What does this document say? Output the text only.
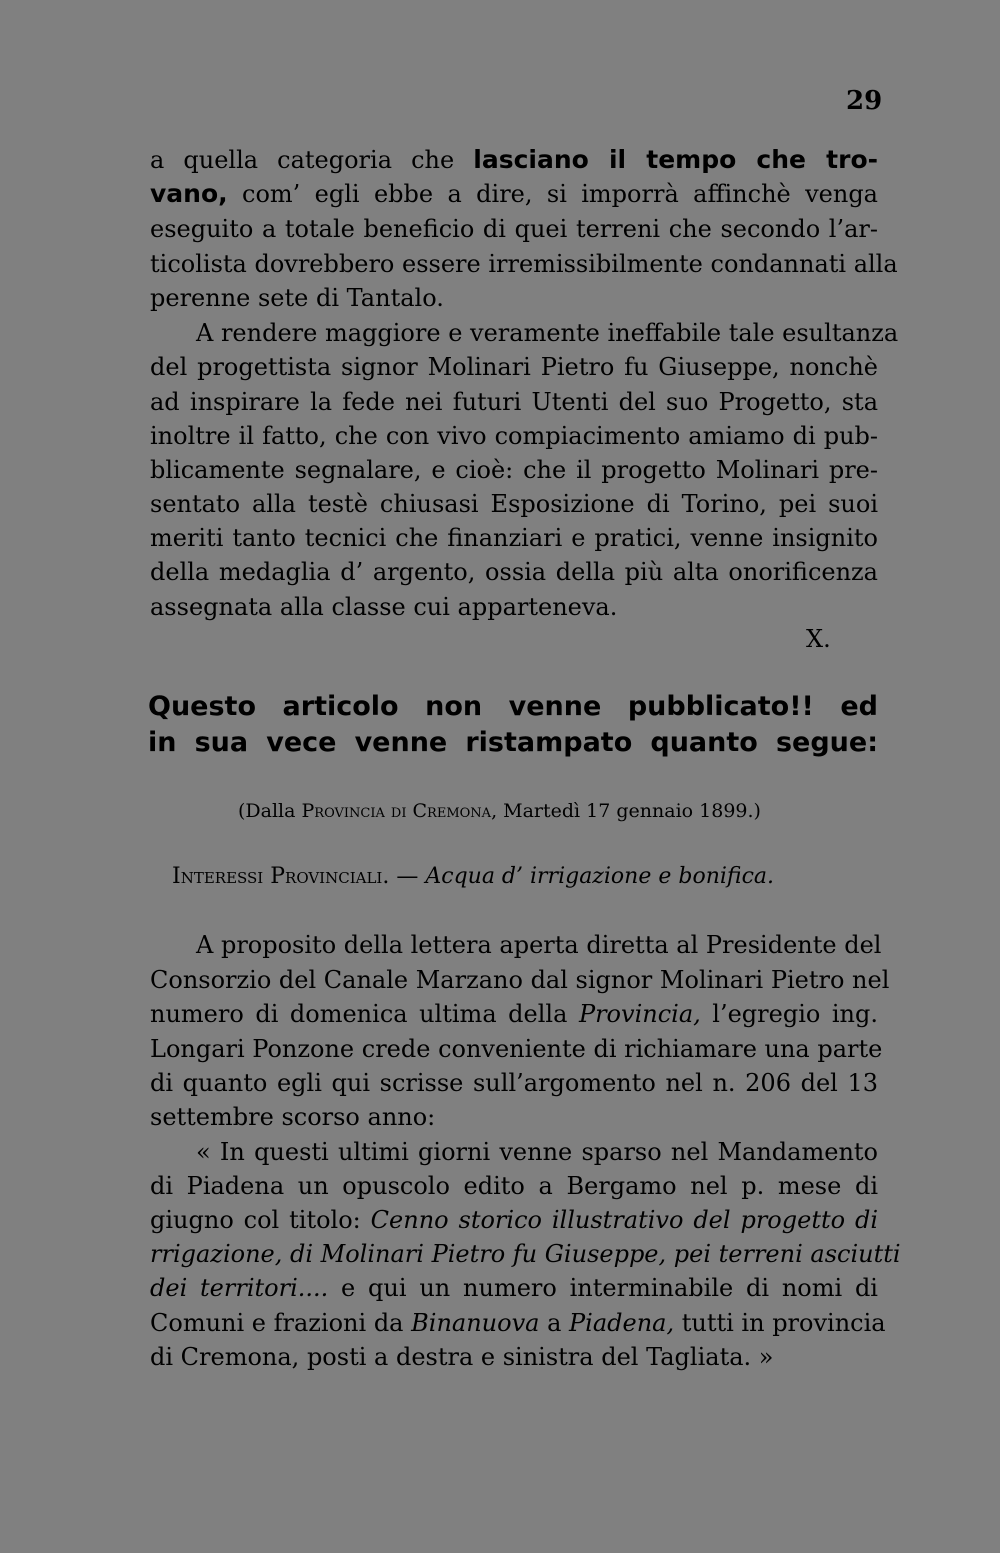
29
a quella categoria che lasciano il tempo che tro-
vano, com’ egli ebbe a dire, si imporrà affinchè venga
eseguito a totale beneficio di quei terreni che secondo l’ar-
ticolista dovrebbero essere irremissibilmente condannati alla
perenne sete di Tantalo.
A rendere maggiore e veramente ineffabile tale esultanza
del progettista signor Molinari Pietro fu Giuseppe, nonchè
ad inspirare la fede nei futuri Utenti del suo Progetto, sta
inoltre il fatto, che con vivo compiacimento amiamo di pub-
blicamente segnalare, e cioè: che il progetto Molinari pre-
sentato alla testè chiusasi Esposizione di Torino, pei suoi
meriti tanto tecnici che finanziari e pratici, venne insignito
della medaglia d’ argento, ossia della più alta onorificenza
assegnata alla classe cui apparteneva.
X.
Questo articolo non venne pubblicato!! ed
in sua vece venne ristampato quanto segue:
(Dalla Provincia di Cremona, Martedì 17 gennaio 1899.)
Interessi Provinciali. — Acqua d’ irrigazione e bonifica.
A proposito della lettera aperta diretta al Presidente del
Consorzio del Canale Marzano dal signor Molinari Pietro nel
numero di domenica ultima della Provincia, l’egregio ing.
Longari Ponzone crede conveniente di richiamare una parte
di quanto egli qui scrisse sull’argomento nel n. 206 del 13
settembre scorso anno:
« In questi ultimi giorni venne sparso nel Mandamento
di Piadena un opuscolo edito a Bergamo nel p. mese di
giugno col titolo: Cenno storico illustrativo del progetto di
rrigazione, di Molinari Pietro fu Giuseppe, pei terreni asciutti
dei territori.... e qui un numero interminabile di nomi di
Comuni e frazioni da Binanuova a Piadena, tutti in provincia
di Cremona, posti a destra e sinistra del Tagliata. »
